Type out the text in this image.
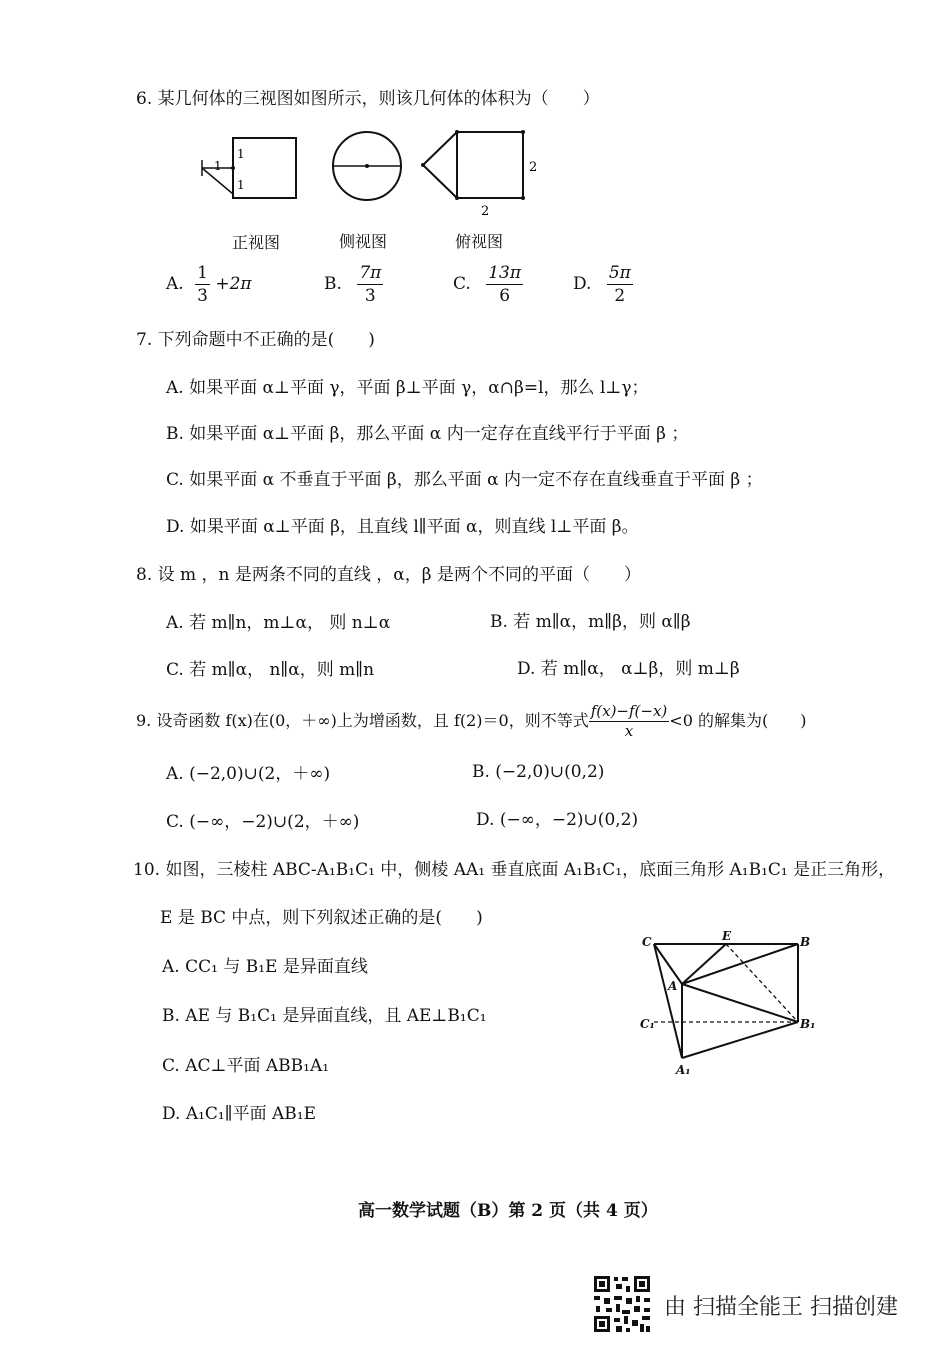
6. 某几何体的三视图如图所示，则该几何体的体积为（　　）
1
1
1
2
2
正视图	侧视图	俯视图
A. $\frac{1}{3} +2\pi$	B. $\frac{7\pi}{3}$	C. $\frac{13\pi}{6}$	D. $\frac{5\pi}{2}$
7. 下列命题中不正确的是(　　)
A. 如果平面 α⊥平面 γ，平面 β⊥平面 γ，α∩β=l，那么 l⊥γ；
B. 如果平面 α⊥平面 β，那么平面 α 内一定存在直线平行于平面 β ；
C. 如果平面 α 不垂直于平面 β，那么平面 α 内一定不存在直线垂直于平面 β ；
D. 如果平面 α⊥平面 β，且直线 l∥平面 α，则直线 l⊥平面 β。
8. 设 m ，n 是两条不同的直线 ，α，β 是两个不同的平面（　　）
A. 若 m∥n，m⊥α， 则 n⊥α	B. 若 m∥α，m∥β，则 α∥β
C. 若 m∥α， n∥α，则 m∥n	D. 若 m∥α， α⊥β，则 m⊥β
9. 设奇函数 f(x)在(0，＋∞)上为增函数，且 f(2)＝0，则不等式 $\frac{f(x)-f(-x)}{x} <0$ 的解集为(　　)
A. (−2,0)∪(2，＋∞)	B. (−2,0)∪(0,2)
C. (−∞，−2)∪(2，＋∞)	D. (−∞，−2)∪(0,2)
10. 如图，三棱柱 ABC-A₁B₁C₁ 中，侧棱 AA₁ 垂直底面 A₁B₁C₁，底面三角形 A₁B₁C₁ 是正三角形，
E 是 BC 中点，则下列叙述正确的是(　　)
A. CC₁ 与 B₁E 是异面直线
B. AE 与 B₁C₁ 是异面直线，且 AE⊥B₁C₁
C. AC⊥平面 ABB₁A₁
D. A₁C₁∥平面 AB₁E
C	E	B
A
C₁	B₁
A₁
高一数学试题（B）第 2 页（共 4 页）
由 扫描全能王 扫描创建
